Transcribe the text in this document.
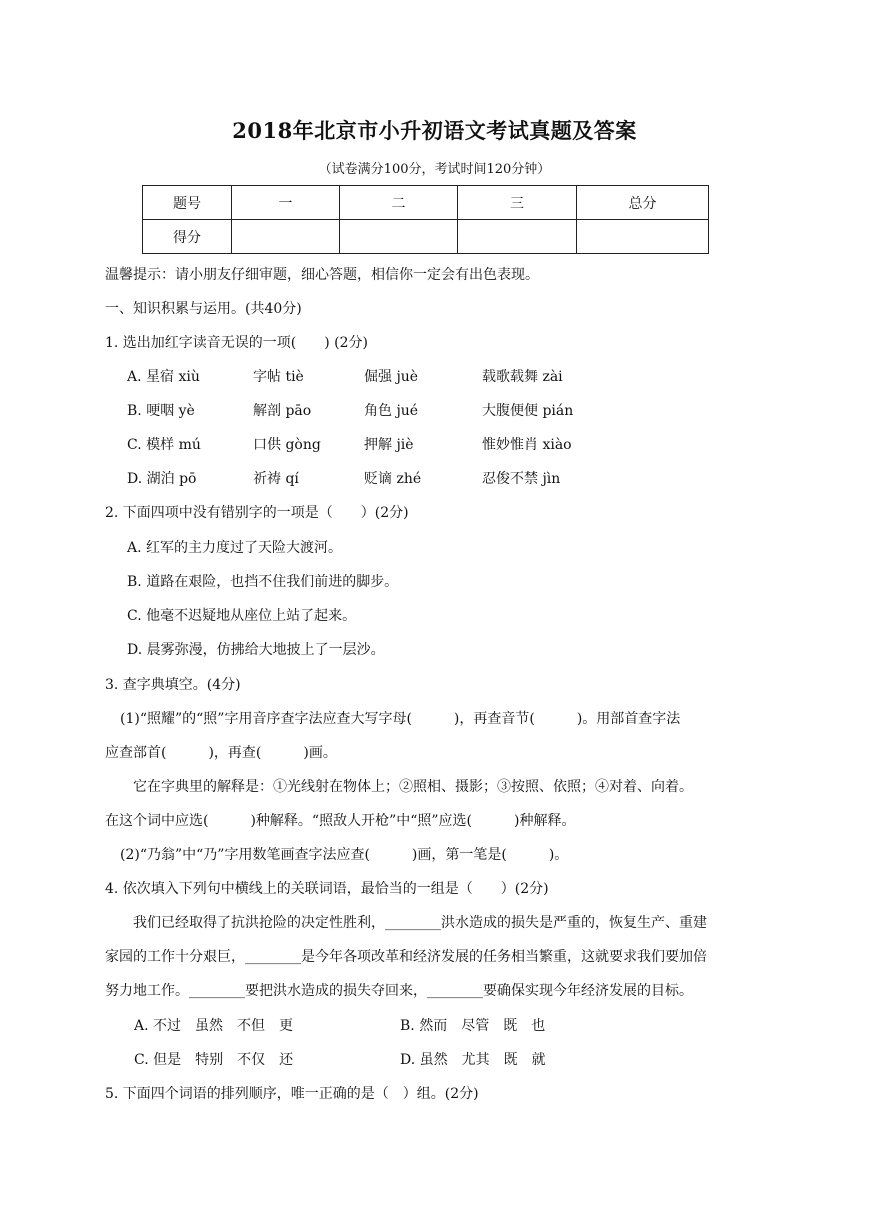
2018年北京市小升初语文考试真题及答案
（试卷满分100分，考试时间120分钟）
题号	一	二	三	总分
得分				
温馨提示：请小朋友仔细审题，细心答题，相信你一定会有出色表现。
一、知识积累与运用。(共40分)
1. 选出加红字读音无误的一项(　　) (2分)
A. 星宿 xiù	字帖 tiè	倔强 juè	载歌载舞 zài
B. 哽咽 yè	解剖 pāo	角色 jué	大腹便便 pián
C. 模样 mú	口供 gòng	押解 jiè	惟妙惟肖 xiào
D. 湖泊 pō	祈祷 qí	贬谪 zhé	忍俊不禁 jìn
2. 下面四项中没有错别字的一项是（　　）(2分)
A. 红军的主力度过了天险大渡河。
B. 道路在艰险，也挡不住我们前进的脚步。
C. 他毫不迟疑地从座位上站了起来。
D. 晨雾弥漫，仿拂给大地披上了一层沙。
3. 查字典填空。(4分)
(1)“照耀”的“照”字用音序查字法应查大写字母(　　　)，再查音节(　　　)。用部首查字法
应查部首(　　　)，再查(　　　)画。
它在字典里的解释是：①光线射在物体上；②照相、摄影；③按照、依照；④对着、向着。
在这个词中应选(　　　)种解释。“照敌人开枪”中“照”应选(　　　)种解释。
(2)“乃翁”中“乃”字用数笔画查字法应查(　　　)画，第一笔是(　　　)。
4. 依次填入下列句中横线上的关联词语，最恰当的一组是（　　）(2分)
我们已经取得了抗洪抢险的决定性胜利，________洪水造成的损失是严重的，恢复生产、重建
家园的工作十分艰巨，________是今年各项改革和经济发展的任务相当繁重，这就要求我们要加倍
努力地工作。________要把洪水造成的损失夺回来，________要确保实现今年经济发展的目标。
A. 不过　虽然　不但　更	B. 然而　尽管　既　也
C. 但是　特别　不仅　还	D. 虽然　尤其　既　就
5. 下面四个词语的排列顺序，唯一正确的是（　）组。(2分)
